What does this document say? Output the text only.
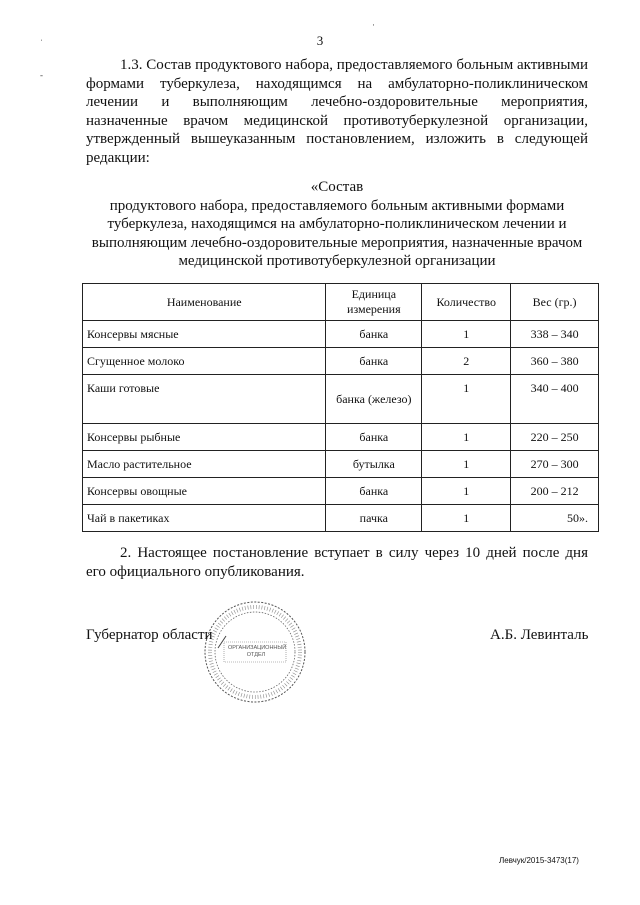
3
ˈ
-
·

1.3. Состав продуктового набора, предоставляемого больным активными формами туберкулеза, находящимся на амбулаторно-поликлиническом лечении и выполняющим лечебно-оздоровительные мероприятия, назначенные врачом медицинской противотуберкулезной организации, утвержденный вышеуказанным постановлением, изложить в следующей редакции:

«Состав
продуктового набора, предоставляемого больным активными формами
туберкулеза, находящимся на амбулаторно-поликлиническом лечении и
выполняющим лечебно-оздоровительные мероприятия, назначенные врачом
медицинской противотуберкулезной организации
Наименование	Единица измерения	Количество	Вес (гр.)
Консервы мясные	банка	1	338 – 340
Сгущенное молоко	банка	2	360 – 380
Каши готовые	банка (железо)	1	340 – 400
Консервы рыбные	банка	1	220 – 250
Масло растительное	бутылка	1	270 – 300
Консервы овощные	банка	1	200 – 212
Чай в пакетиках	пачка	1	50».

2. Настоящее постановление вступает в силу через 10 дней после дня его официального опубликования.

ОРГАНИЗАЦИОННЫЙ ОТДЕЛ
Губернатор области	А.Б. Левинталь
Левчук/2015-3473(17)
